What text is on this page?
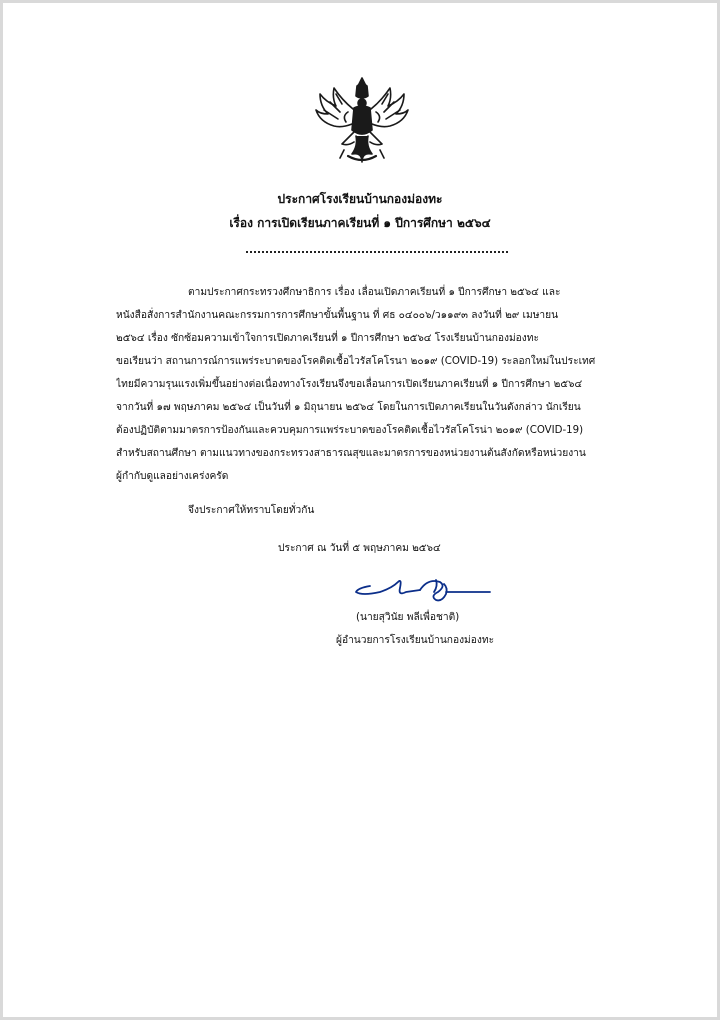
ประกาศโรงเรียนบ้านกองม่องทะ
เรื่อง การเปิดเรียนภาคเรียนที่ ๑ ปีการศึกษา ๒๕๖๔
ตามประกาศกระทรวงศึกษาธิการ เรื่อง เลื่อนเปิดภาคเรียนที่ ๑ ปีการศึกษา ๒๕๖๔ และ
หนังสือสั่งการสำนักงานคณะกรรมการการศึกษาขั้นพื้นฐาน ที่ ศธ ๐๔๐๐๖/ว๑๑๙๓ ลงวันที่ ๒๙ เมษายน
๒๕๖๔ เรื่อง ซักซ้อมความเข้าใจการเปิดภาคเรียนที่ ๑ ปีการศึกษา ๒๕๖๔ โรงเรียนบ้านกองม่องทะ
ขอเรียนว่า สถานการณ์การแพร่ระบาดของโรคติดเชื้อไวรัสโคโรนา ๒๐๑๙ (COVID-19) ระลอกใหม่ในประเทศ
ไทยมีความรุนแรงเพิ่มขึ้นอย่างต่อเนื่องทางโรงเรียนจึงขอเลื่อนการเปิดเรียนภาคเรียนที่ ๑ ปีการศึกษา ๒๕๖๔
จากวันที่ ๑๗ พฤษภาคม ๒๕๖๔ เป็นวันที่ ๑ มิถุนายน ๒๕๖๔ โดยในการเปิดภาคเรียนในวันดังกล่าว นักเรียน
ต้องปฏิบัติตามมาตรการป้องกันและควบคุมการแพร่ระบาดของโรคติดเชื้อไวรัสโคโรน่า ๒๐๑๙ (COVID-19)
สำหรับสถานศึกษา ตามแนวทางของกระทรวงสาธารณสุขและมาตรการของหน่วยงานต้นสังกัดหรือหน่วยงาน
ผู้กำกับดูแลอย่างเคร่งครัด
จึงประกาศให้ทราบโดยทั่วกัน
ประกาศ ณ วันที่ ๕ พฤษภาคม ๒๕๖๔
(นายสุวินัย พลีเพื่อชาติ)
ผู้อำนวยการโรงเรียนบ้านกองม่องทะ
